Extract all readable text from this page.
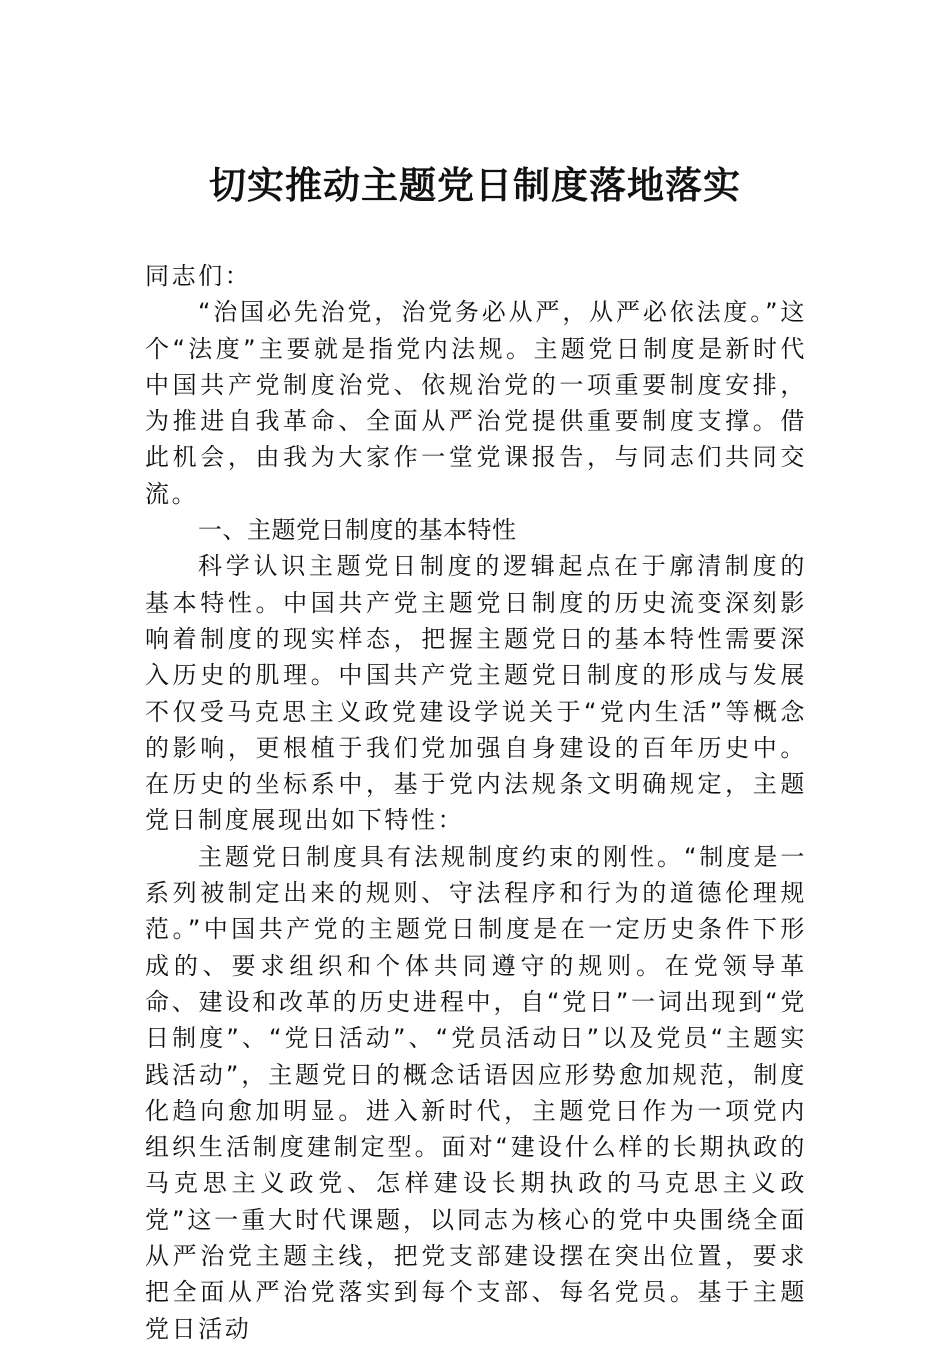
切实推动主题党日制度落地落实

同志们：

“治国必先治党，治党务必从严，从严必依法度。”这个“法度”主要就是指党内法规。主题党日制度是新时代中国共产党制度治党、依规治党的一项重要制度安排，为推进自我革命、全面从严治党提供重要制度支撑。借此机会，由我为大家作一堂党课报告，与同志们共同交流。

一、主题党日制度的基本特性

科学认识主题党日制度的逻辑起点在于廓清制度的基本特性。中国共产党主题党日制度的历史流变深刻影响着制度的现实样态，把握主题党日的基本特性需要深入历史的肌理。中国共产党主题党日制度的形成与发展不仅受马克思主义政党建设学说关于“党内生活”等概念的影响，更根植于我们党加强自身建设的百年历史中。在历史的坐标系中，基于党内法规条文明确规定，主题党日制度展现出如下特性：

主题党日制度具有法规制度约束的刚性。“制度是一系列被制定出来的规则、守法程序和行为的道德伦理规范。”中国共产党的主题党日制度是在一定历史条件下形成的、要求组织和个体共同遵守的规则。在党领导革命、建设和改革的历史进程中，自“党日”一词出现到“党日制度”、“党日活动”、“党员活动日”以及党员“主题实践活动”，主题党日的概念话语因应形势愈加规范，制度化趋向愈加明显。进入新时代，主题党日作为一项党内组织生活制度建制定型。面对“建设什么样的长期执政的马克思主义政党、怎样建设长期执政的马克思主义政党”这一重大时代课题，以同志为核心的党中央围绕全面从严治党主题主线，把党支部建设摆在突出位置，要求把全面从严治党落实到每个支部、每名党员。基于主题党日活动
